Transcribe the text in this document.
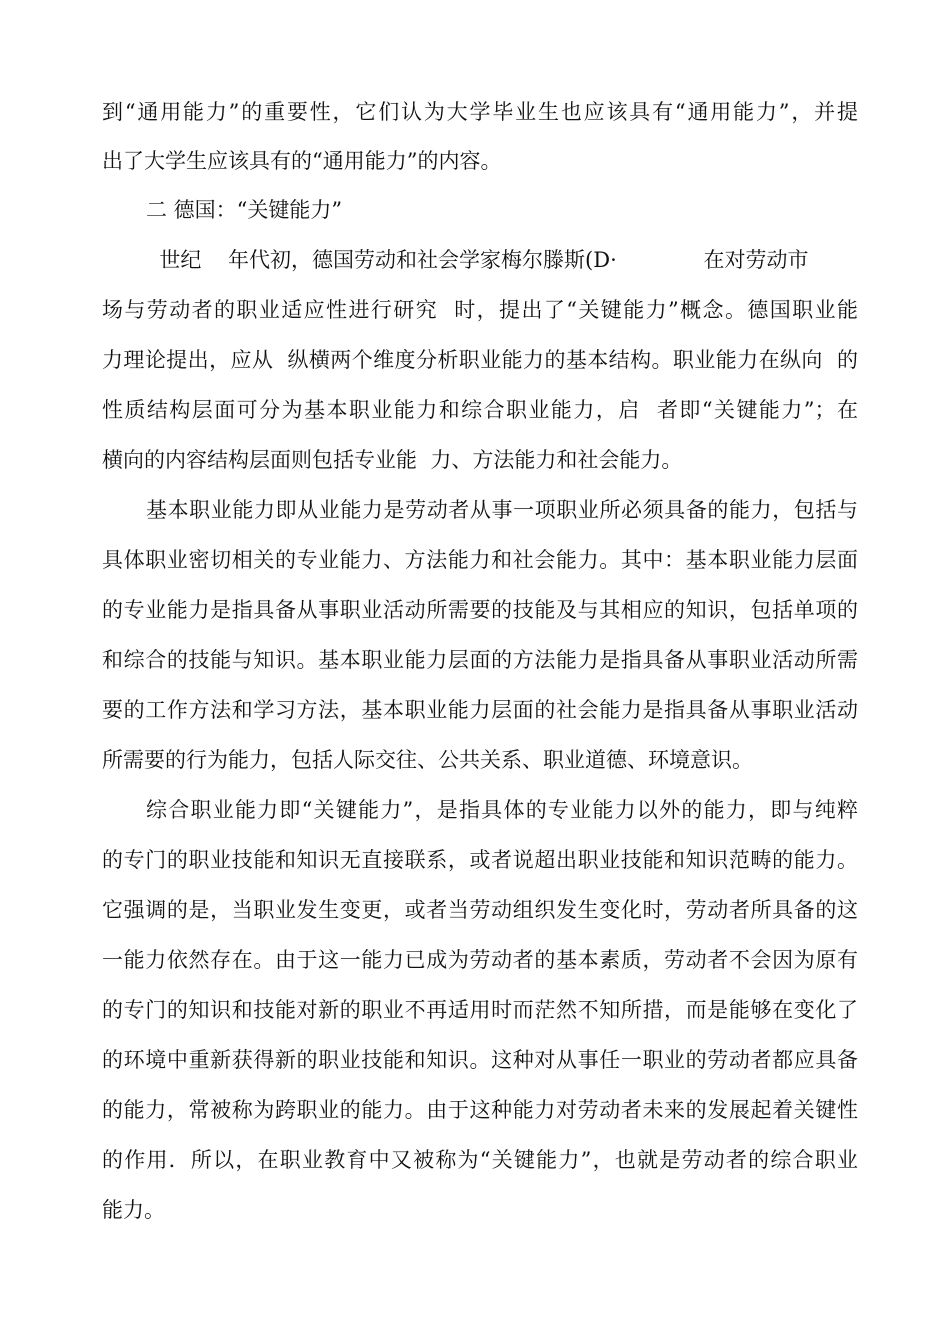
到“通用能力”的重要性，它们认为大学毕业生也应该具有“通用能力”，并提
出了大学生应该具有的“通用能力”的内容。
二 德国：“关键能力”
世纪    年代初，德国劳动和社会学家梅尔滕斯(D·             在对劳动市
场与劳动者的职业适应性进行研究  时，提出了“关键能力”概念。德国职业能
力理论提出，应从  纵横两个维度分析职业能力的基本结构。职业能力在纵向  的
性质结构层面可分为基本职业能力和综合职业能力，启  者即“关键能力”；在
横向的内容结构层面则包括专业能  力、方法能力和社会能力。
基本职业能力即从业能力是劳动者从事一项职业所必须具备的能力，包括与
具体职业密切相关的专业能力、方法能力和社会能力。其中：基本职业能力层面
的专业能力是指具备从事职业活动所需要的技能及与其相应的知识，包括单项的
和综合的技能与知识。基本职业能力层面的方法能力是指具备从事职业活动所需
要的工作方法和学习方法，基本职业能力层面的社会能力是指具备从事职业活动
所需要的行为能力，包括人际交往、公共关系、职业道德、环境意识。
综合职业能力即“关键能力”，是指具体的专业能力以外的能力，即与纯粹
的专门的职业技能和知识无直接联系，或者说超出职业技能和知识范畴的能力。
它强调的是，当职业发生变更，或者当劳动组织发生变化时，劳动者所具备的这
一能力依然存在。由于这一能力已成为劳动者的基本素质，劳动者不会因为原有
的专门的知识和技能对新的职业不再适用时而茫然不知所措，而是能够在变化了
的环境中重新获得新的职业技能和知识。这种对从事任一职业的劳动者都应具备
的能力，常被称为跨职业的能力。由于这种能力对劳动者未来的发展起着关键性
的作用．所以，在职业教育中又被称为“关键能力”，也就是劳动者的综合职业
能力。
